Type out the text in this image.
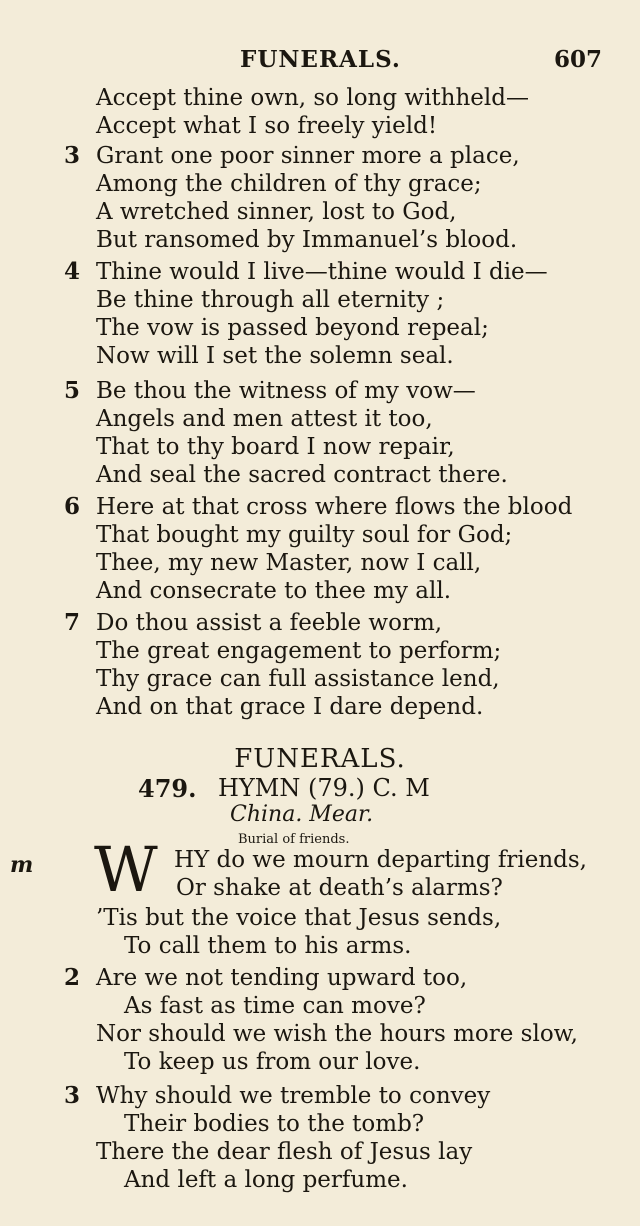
FUNERALS.	607
Accept thine own, so long withheld—
Accept what I so freely yield!
3 Grant one poor sinner more a place,
Among the children of thy grace;
A wretched sinner, lost to God,
But ransomed by Immanuel’s blood.
4 Thine would I live—thine would I die—
Be thine through all eternity ;
The vow is passed beyond repeal;
Now will I set the solemn seal.
5 Be thou the witness of my vow—
Angels and men attest it too,
That to thy board I now repair,
And seal the sacred contract there.
6 Here at that cross where flows the blood
That bought my guilty soul for God;
Thee, my new Master, now I call,
And consecrate to thee my all.
7 Do thou assist a feeble worm,
The great engagement to perform;
Thy grace can full assistance lend,
And on that grace I dare depend.
FUNERALS.
479. HYMN (79.) C. M
China. Mear.
Burial of friends.
m W HY do we mourn departing friends,
Or shake at death’s alarms?
’Tis but the voice that Jesus sends,
To call them to his arms.
2 Are we not tending upward too,
As fast as time can move?
Nor should we wish the hours more slow,
To keep us from our love.
3 Why should we tremble to convey
Their bodies to the tomb?
There the dear flesh of Jesus lay
And left a long perfume.
